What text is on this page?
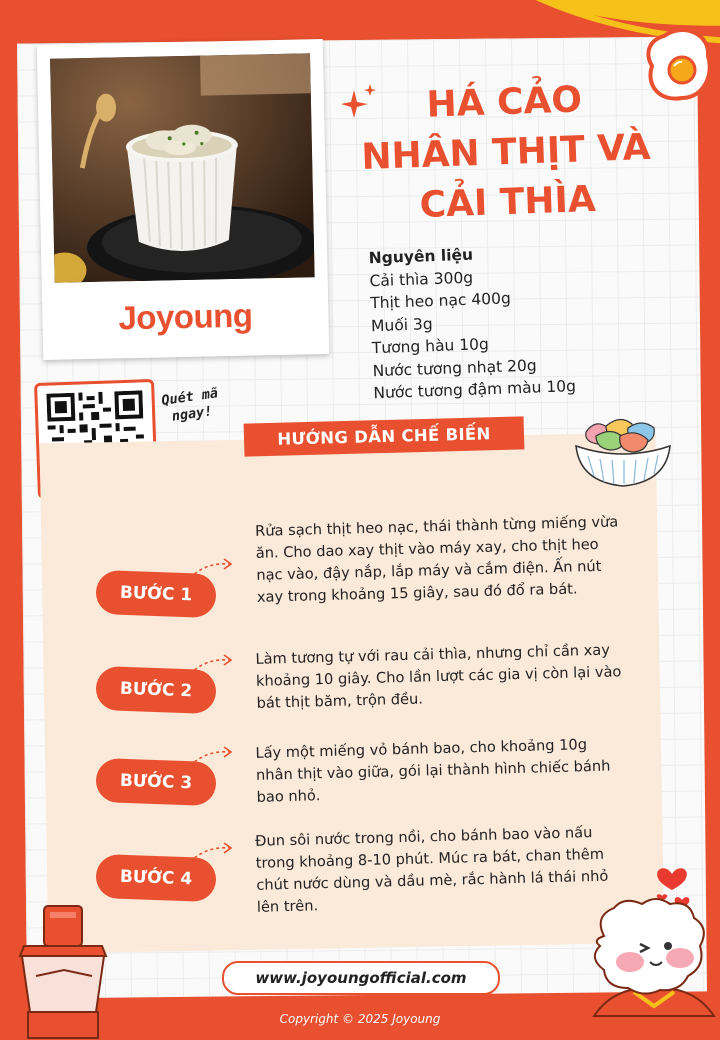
Joyoung
HÁ CẢO
NHÂN THỊT VÀ
CẢI THÌA
Nguyên liệu
Cải thìa 300g
Thịt heo nạc 400g
Muối 3g
Tương hàu 10g
Nước tương nhạt 20g
Nước tương đậm màu 10g
Quét mã
ngay!
HƯỚNG DẪN CHẾ BIẾN
BƯỚC 1
Rửa sạch thịt heo nạc, thái thành từng miếng vừa ăn. Cho dao xay thịt vào máy xay, cho thịt heo nạc vào, đậy nắp, lắp máy và cắm điện. Ấn nút xay trong khoảng 15 giây, sau đó đổ ra bát.
BƯỚC 2
Làm tương tự với rau cải thìa, nhưng chỉ cần xay khoảng 10 giây. Cho lần lượt các gia vị còn lại vào bát thịt băm, trộn đều.
BƯỚC 3
Lấy một miếng vỏ bánh bao, cho khoảng 10g nhân thịt vào giữa, gói lại thành hình chiếc bánh bao nhỏ.
BƯỚC 4
Đun sôi nước trong nồi, cho bánh bao vào nấu trong khoảng 8-10 phút. Múc ra bát, chan thêm chút nước dùng và dầu mè, rắc hành lá thái nhỏ lên trên.
www.joyoungofficial.com
Copyright © 2025 Joyoung
